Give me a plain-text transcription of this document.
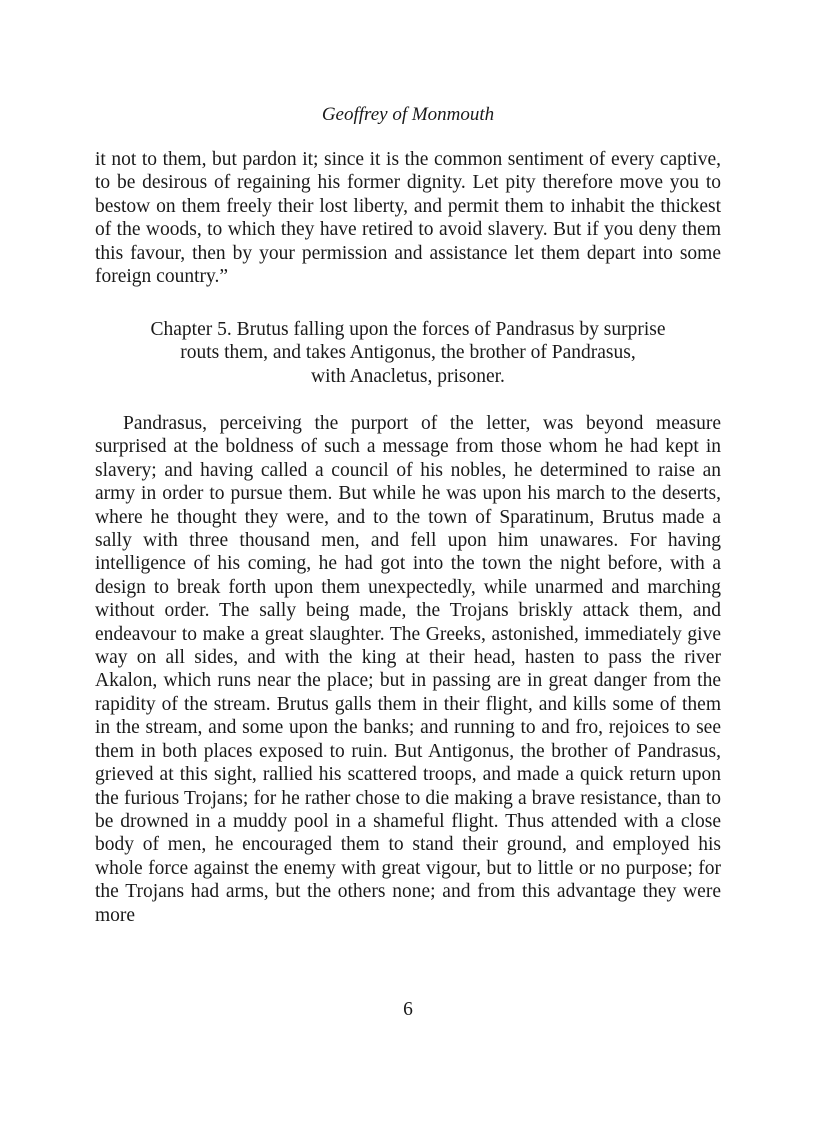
Geoffrey of Monmouth

it not to them, but pardon it; since it is the common sentiment of every captive, to be desirous of regaining his former dignity. Let pity therefore move you to bestow on them freely their lost liberty, and permit them to inhabit the thickest of the woods, to which they have retired to avoid slavery. But if you deny them this favour, then by your permission and assistance let them depart into some foreign country.”

Chapter 5. Brutus falling upon the forces of Pandrasus by surprise
routs them, and takes Antigonus, the brother of Pandrasus,
with Anacletus, prisoner.

Pandrasus, perceiving the purport of the letter, was beyond measure surprised at the boldness of such a message from those whom he had kept in slavery; and having called a council of his nobles, he determined to raise an army in order to pursue them. But while he was upon his march to the deserts, where he thought they were, and to the town of Sparatinum, Brutus made a sally with three thousand men, and fell upon him unawares. For having intelligence of his coming, he had got into the town the night before, with a design to break forth upon them unexpectedly, while unarmed and marching without order. The sally being made, the Trojans briskly attack them, and endeavour to make a great slaughter. The Greeks, astonished, immediately give way on all sides, and with the king at their head, hasten to pass the river Akalon, which runs near the place; but in passing are in great danger from the rapidity of the stream. Brutus galls them in their flight, and kills some of them in the stream, and some upon the banks; and running to and fro, rejoices to see them in both places exposed to ruin. But Antigonus, the brother of Pandrasus, grieved at this sight, rallied his scattered troops, and made a quick return upon the furious Trojans; for he rather chose to die making a brave resistance, than to be drowned in a muddy pool in a shameful flight. Thus attended with a close body of men, he encouraged them to stand their ground, and employed his whole force against the enemy with great vigour, but to little or no purpose; for the Trojans had arms, but the others none; and from this advantage they were more

6
